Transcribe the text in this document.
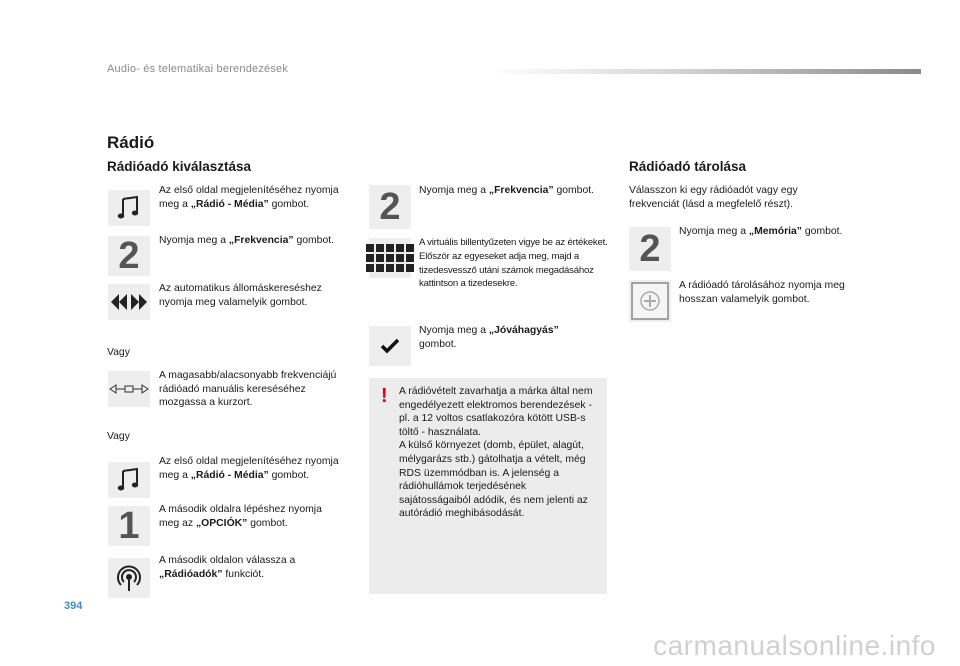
Audio- és telematikai berendezések
Rádió
Rádióadó kiválasztása
Az első oldal megjelenítéséhez nyomja meg a „Rádió - Média” gombot.
2 Nyomja meg a „Frekvencia” gombot.
Az automatikus állomáskereséshez nyomja meg valamelyik gombot.
Vagy
A magasabb/alacsonyabb frekvenciájú rádióadó manuális kereséséhez mozgassa a kurzort.
Vagy
Az első oldal megjelenítéséhez nyomja meg a „Rádió - Média” gombot.
1 A második oldalra lépéshez nyomja meg az „OPCIÓK” gombot.
A második oldalon válassza a „Rádióadók” funkciót.
2 Nyomja meg a „Frekvencia” gombot.
A virtuális billentyűzeten vigye be az értékeket.
Először az egyeseket adja meg, majd a tizedesvessző utáni számok megadásához kattintson a tizedesekre.
Nyomja meg a „Jóváhagyás” gombot.
! A rádióvételt zavarhatja a márka által nem engedélyezett elektromos berendezések - pl. a 12 voltos csatlakozóra kötött USB-s töltő - használata.
A külső környezet (domb, épület, alagút, mélygarázs stb.) gátolhatja a vételt, még RDS üzemmódban is. A jelenség a rádióhullámok terjedésének sajátosságaiból adódik, és nem jelenti az autórádió meghibásodását.
Rádióadó tárolása
Válasszon ki egy rádióadót vagy egy frekvenciát (lásd a megfelelő részt).
2 Nyomja meg a „Memória” gombot.
A rádióadó tárolásához nyomja meg hosszan valamelyik gombot.
394
carmanualsonline.info
